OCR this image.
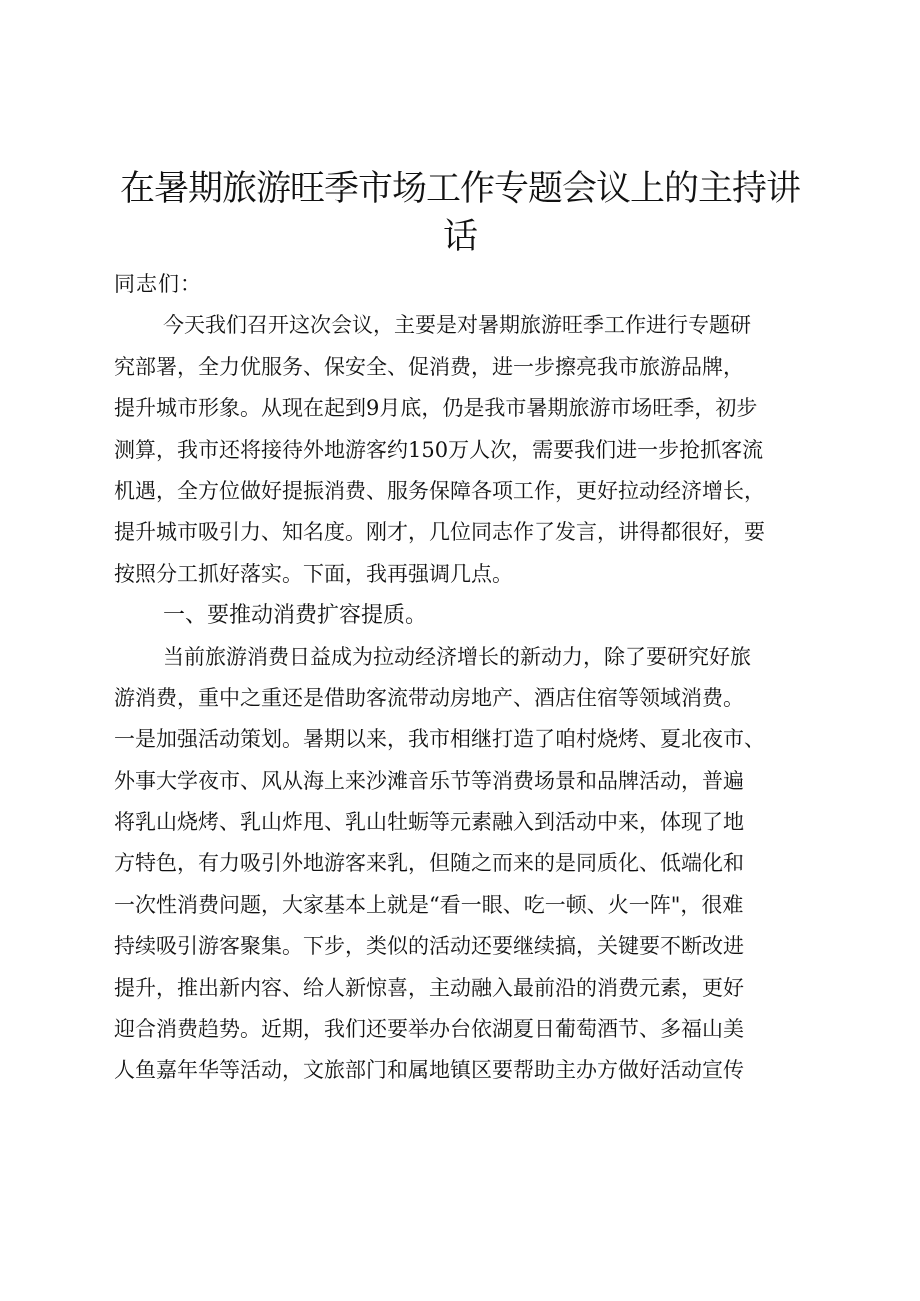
在暑期旅游旺季市场工作专题会议上的主持讲
话
同志们：
今天我们召开这次会议，主要是对暑期旅游旺季工作进行专题研
究部署，全力优服务、保安全、促消费，进一步擦亮我市旅游品牌，
提升城市形象。从现在起到9月底，仍是我市暑期旅游市场旺季，初步
测算，我市还将接待外地游客约150万人次，需要我们进一步抢抓客流
机遇，全方位做好提振消费、服务保障各项工作，更好拉动经济增长，
提升城市吸引力、知名度。刚才，几位同志作了发言，讲得都很好，要
按照分工抓好落实。下面，我再强调几点。
一、要推动消费扩容提质。
当前旅游消费日益成为拉动经济增长的新动力，除了要研究好旅
游消费，重中之重还是借助客流带动房地产、酒店住宿等领域消费。
一是加强活动策划。暑期以来，我市相继打造了咱村烧烤、夏北夜市、
外事大学夜市、风从海上来沙滩音乐节等消费场景和品牌活动，普遍
将乳山烧烤、乳山炸甩、乳山牡蛎等元素融入到活动中来，体现了地
方特色，有力吸引外地游客来乳，但随之而来的是同质化、低端化和
一次性消费问题，大家基本上就是“看一眼、吃一顿、火一阵"，很难
持续吸引游客聚集。下步，类似的活动还要继续搞，关键要不断改进
提升，推出新内容、给人新惊喜，主动融入最前沿的消费元素，更好
迎合消费趋势。近期，我们还要举办台依湖夏日葡萄酒节、多福山美
人鱼嘉年华等活动，文旅部门和属地镇区要帮助主办方做好活动宣传
